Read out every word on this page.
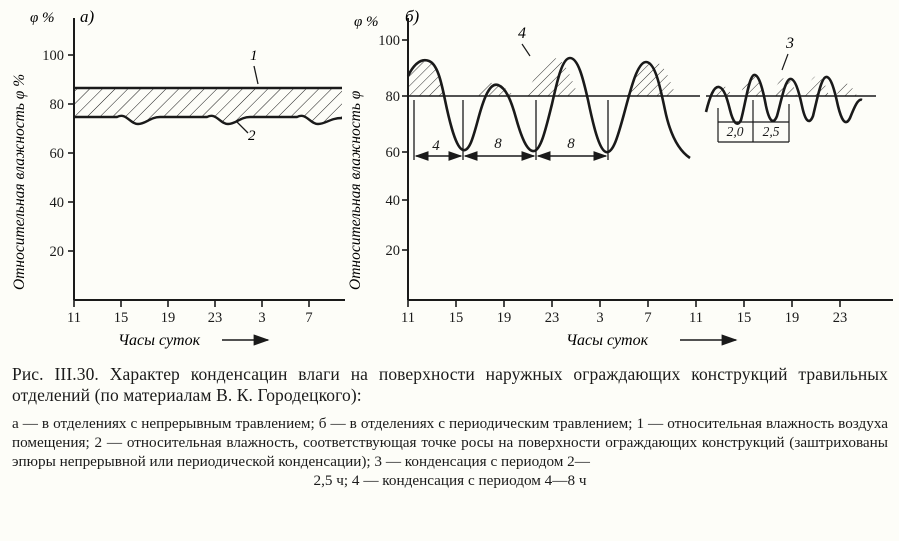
а)
φ %
100
80
60
40
20
11 15 19 23 3	7
1
2
Относительная влажность φ %
Часы суток
б)
φ %
100
80
60
40
20
11 15 19 23	3	7	11 15 19 23
4	8	8
2,0 2,5
4
3
Относительная влажность φ
Часы суток
Рис. III.30. Характер конденсацин влаги на поверхности наружных ограждающих конструкций травильных отделений (по материалам В. К. Городецкого):
а — в отделениях с непрерывным травлением; б — в отделениях с периодическим травлением; 1 — относительная влажность воздуха помещения; 2 — относительная влажность, соответствующая точке росы на поверхности ограждающих конструкций (заштрихованы эпюры непрерывной или периодической конденсации); 3 — конденсация с периодом 2—
2,5 ч; 4 — конденсация с периодом 4—8 ч
